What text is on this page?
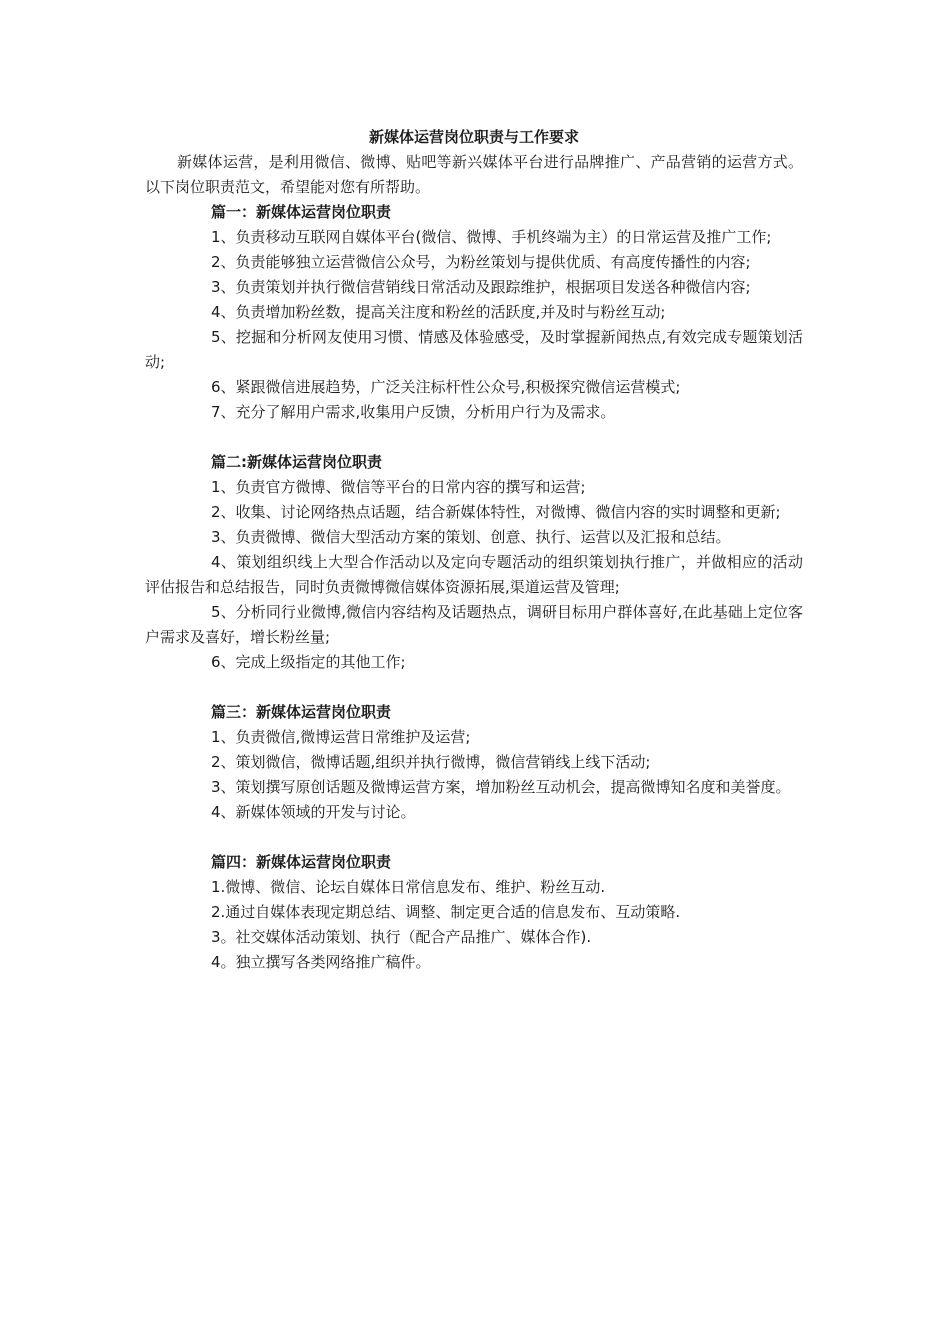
新媒体运营岗位职责与工作要求

新媒体运营，是利用微信、微博、贴吧等新兴媒体平台进行品牌推广、产品营销的运营方式。以下岗位职责范文，希望能对您有所帮助。

篇一：新媒体运营岗位职责

1、负责移动互联网自媒体平台(微信、微博、手机终端为主）的日常运营及推广工作;

2、负责能够独立运营微信公众号，为粉丝策划与提供优质、有高度传播性的内容;

3、负责策划并执行微信营销线日常活动及跟踪维护，根据项目发送各种微信内容;

4、负责增加粉丝数，提高关注度和粉丝的活跃度,并及时与粉丝互动;

5、挖掘和分析网友使用习惯、情感及体验感受，及时掌握新闻热点,有效完成专题策划活动;

6、紧跟微信进展趋势，广泛关注标杆性公众号,积极探究微信运营模式;

7、充分了解用户需求,收集用户反馈，分析用户行为及需求。

篇二:新媒体运营岗位职责

1、负责官方微博、微信等平台的日常内容的撰写和运营;

2、收集、讨论网络热点话题，结合新媒体特性，对微博、微信内容的实时调整和更新;

3、负责微博、微信大型活动方案的策划、创意、执行、运营以及汇报和总结。

4、策划组织线上大型合作活动以及定向专题活动的组织策划执行推广，并做相应的活动评估报告和总结报告，同时负责微博微信媒体资源拓展,渠道运营及管理;

5、分析同行业微博,微信内容结构及话题热点，调研目标用户群体喜好,在此基础上定位客户需求及喜好，增长粉丝量;

6、完成上级指定的其他工作;

篇三：新媒体运营岗位职责

1、负责微信,微博运营日常维护及运营;

2、策划微信，微博话题,组织并执行微博，微信营销线上线下活动;

3、策划撰写原创话题及微博运营方案，增加粉丝互动机会，提高微博知名度和美誉度。

4、新媒体领域的开发与讨论。

篇四：新媒体运营岗位职责

1.微博、微信、论坛自媒体日常信息发布、维护、粉丝互动.

2.通过自媒体表现定期总结、调整、制定更合适的信息发布、互动策略.

3。社交媒体活动策划、执行（配合产品推广、媒体合作).

4。独立撰写各类网络推广稿件。
